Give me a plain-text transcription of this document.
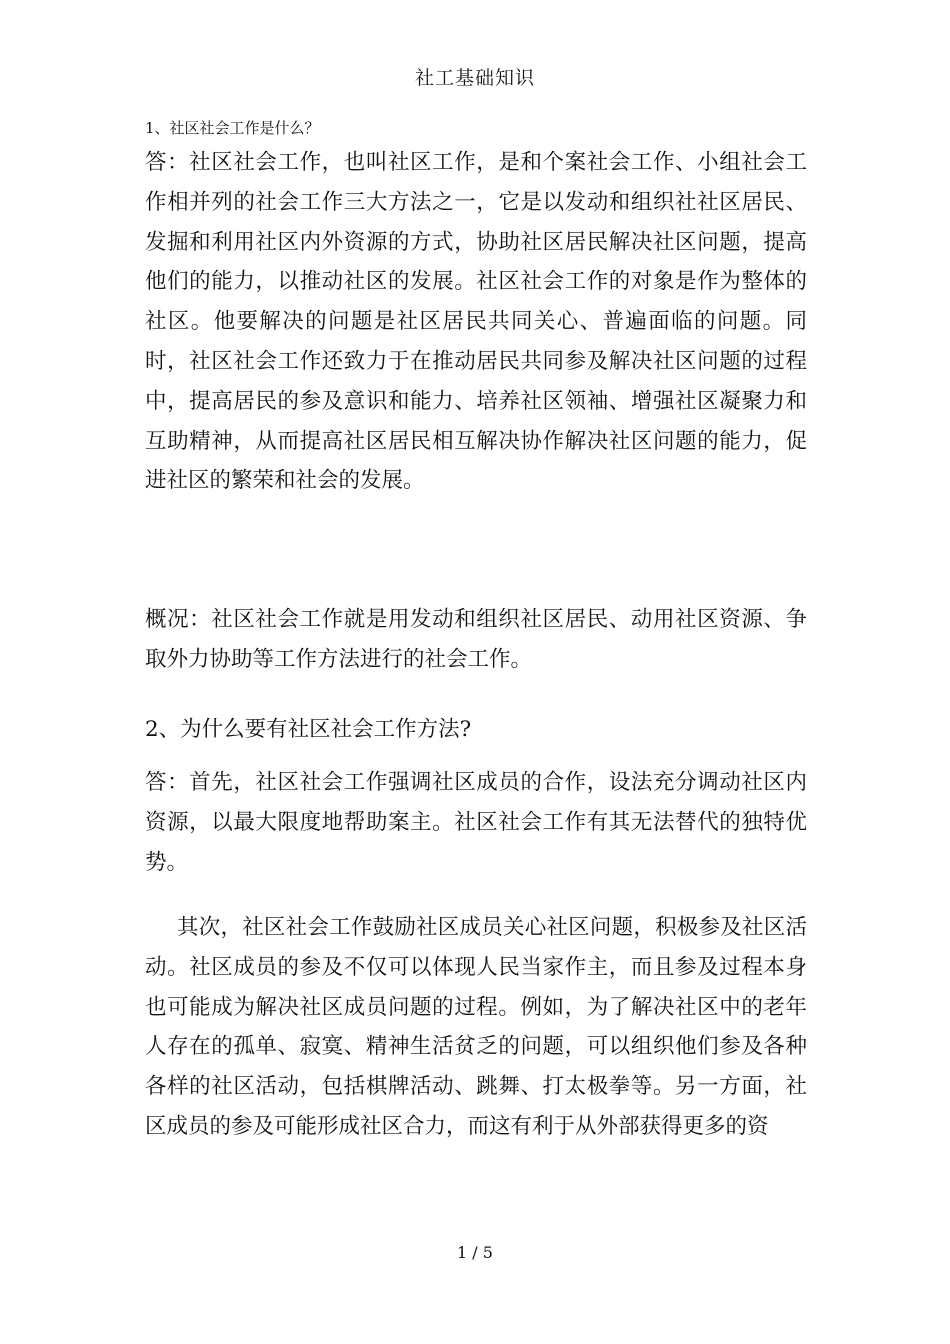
社工基础知识
1、社区社会工作是什么？

答：社区社会工作，也叫社区工作，是和个案社会工作、小组社会工作相并列的社会工作三大方法之一，它是以发动和组织社社区居民、发掘和利用社区内外资源的方式，协助社区居民解决社区问题，提高他们的能力，以推动社区的发展。社区社会工作的对象是作为整体的社区。他要解决的问题是社区居民共同关心、普遍面临的问题。同时，社区社会工作还致力于在推动居民共同参及解决社区问题的过程中，提高居民的参及意识和能力、培养社区领袖、增强社区凝聚力和互助精神，从而提高社区居民相互解决协作解决社区问题的能力，促进社区的繁荣和社会的发展。

概况：社区社会工作就是用发动和组织社区居民、动用社区资源、争取外力协助等工作方法进行的社会工作。

2、为什么要有社区社会工作方法?

答：首先，社区社会工作强调社区成员的合作，设法充分调动社区内资源，以最大限度地帮助案主。社区社会工作有其无法替代的独特优势。

其次，社区社会工作鼓励社区成员关心社区问题，积极参及社区活动。社区成员的参及不仅可以体现人民当家作主，而且参及过程本身也可能成为解决社区成员问题的过程。例如，为了解决社区中的老年人存在的孤单、寂寞、精神生活贫乏的问题，可以组织他们参及各种各样的社区活动，包括棋牌活动、跳舞、打太极拳等。另一方面，社区成员的参及可能形成社区合力，而这有利于从外部获得更多的资

1 / 5
